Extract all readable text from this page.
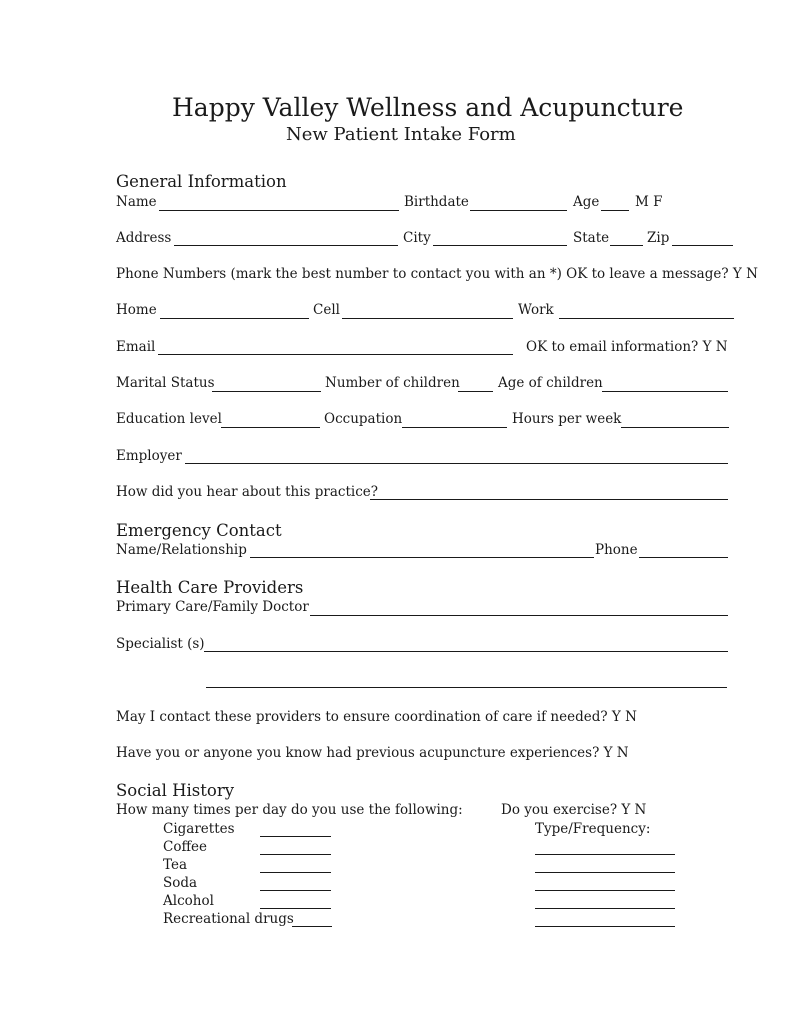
Happy Valley Wellness and Acupuncture
New Patient Intake Form
General Information
Name	Birthdate	Age	M F
Address	City	State	Zip
Phone Numbers (mark the best number to contact you with an *) OK to leave a message? Y N
Home	Cell	Work
Email	OK to email information? Y N
Marital Status	Number of children	Age of children
Education level	Occupation	Hours per week
Employer
How did you hear about this practice?
Emergency Contact
Name/Relationship	Phone
Health Care Providers
Primary Care/Family Doctor
Specialist (s)
May I contact these providers to ensure coordination of care if needed? Y N
Have you or anyone you know had previous acupuncture experiences? Y N
Social History
How many times per day do you use the following:	Do you exercise? Y N
Type/Frequency:
Cigarettes
Coffee
Tea
Soda
Alcohol
Recreational drugs
